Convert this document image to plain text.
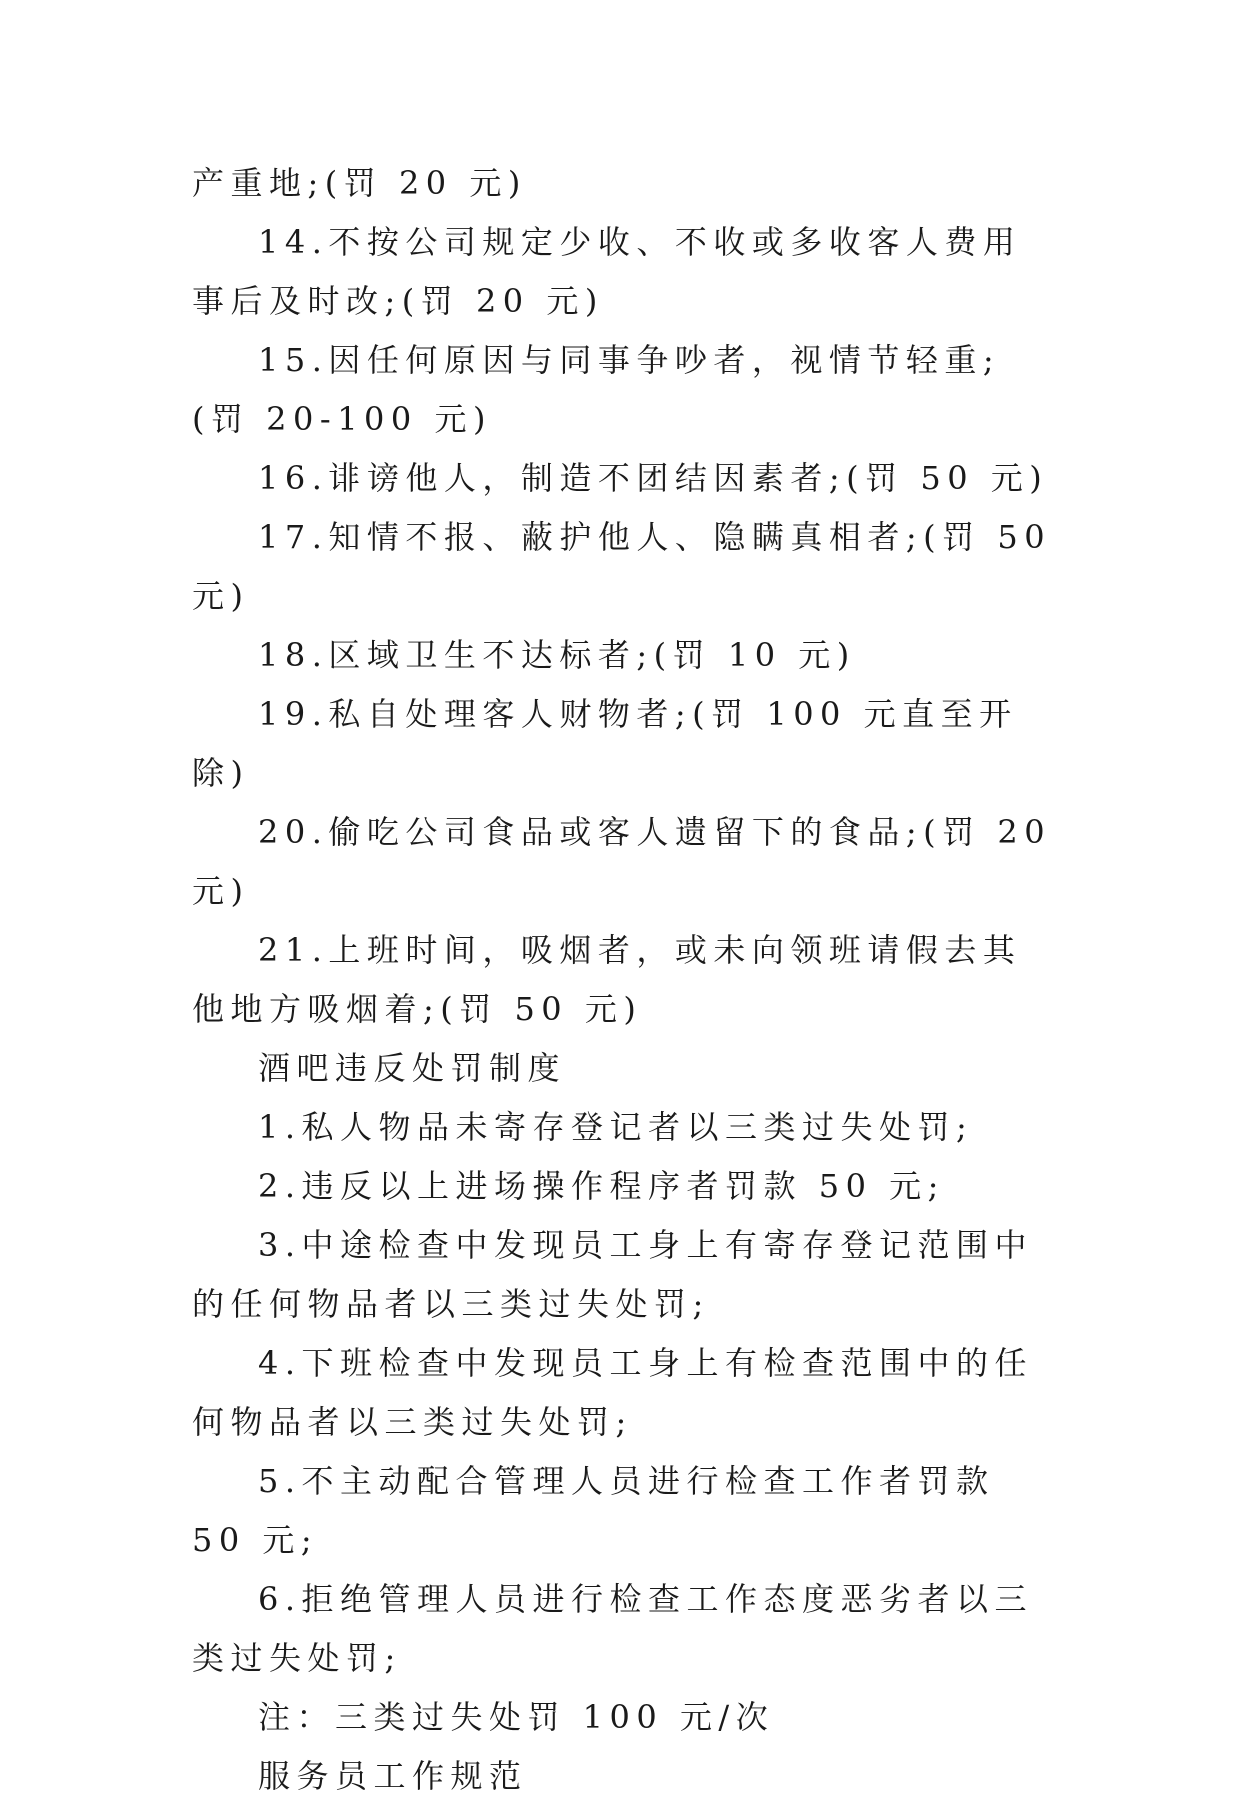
产重地;(罚 20 元)

14.不按公司规定少收、不收或多收客人费用事后及时改;(罚 20 元)

15.因任何原因与同事争吵者，视情节轻重;(罚 20-100 元)

16.诽谤他人，制造不团结因素者;(罚 50 元)

17.知情不报、蔽护他人、隐瞒真相者;(罚 50 元)

18.区域卫生不达标者;(罚 10 元)

19.私自处理客人财物者;(罚 100 元直至开除)

20.偷吃公司食品或客人遗留下的食品;(罚 20 元)

21.上班时间，吸烟者，或未向领班请假去其他地方吸烟着;(罚 50 元)

酒吧违反处罚制度

1.私人物品未寄存登记者以三类过失处罚;

2.违反以上进场操作程序者罚款 50 元;

3.中途检查中发现员工身上有寄存登记范围中的任何物品者以三类过失处罚;

4.下班检查中发现员工身上有检查范围中的任何物品者以三类过失处罚;

5.不主动配合管理人员进行检查工作者罚款 50 元;

6.拒绝管理人员进行检查工作态度恶劣者以三类过失处罚;

注：三类过失处罚 100 元/次

服务员工作规范
